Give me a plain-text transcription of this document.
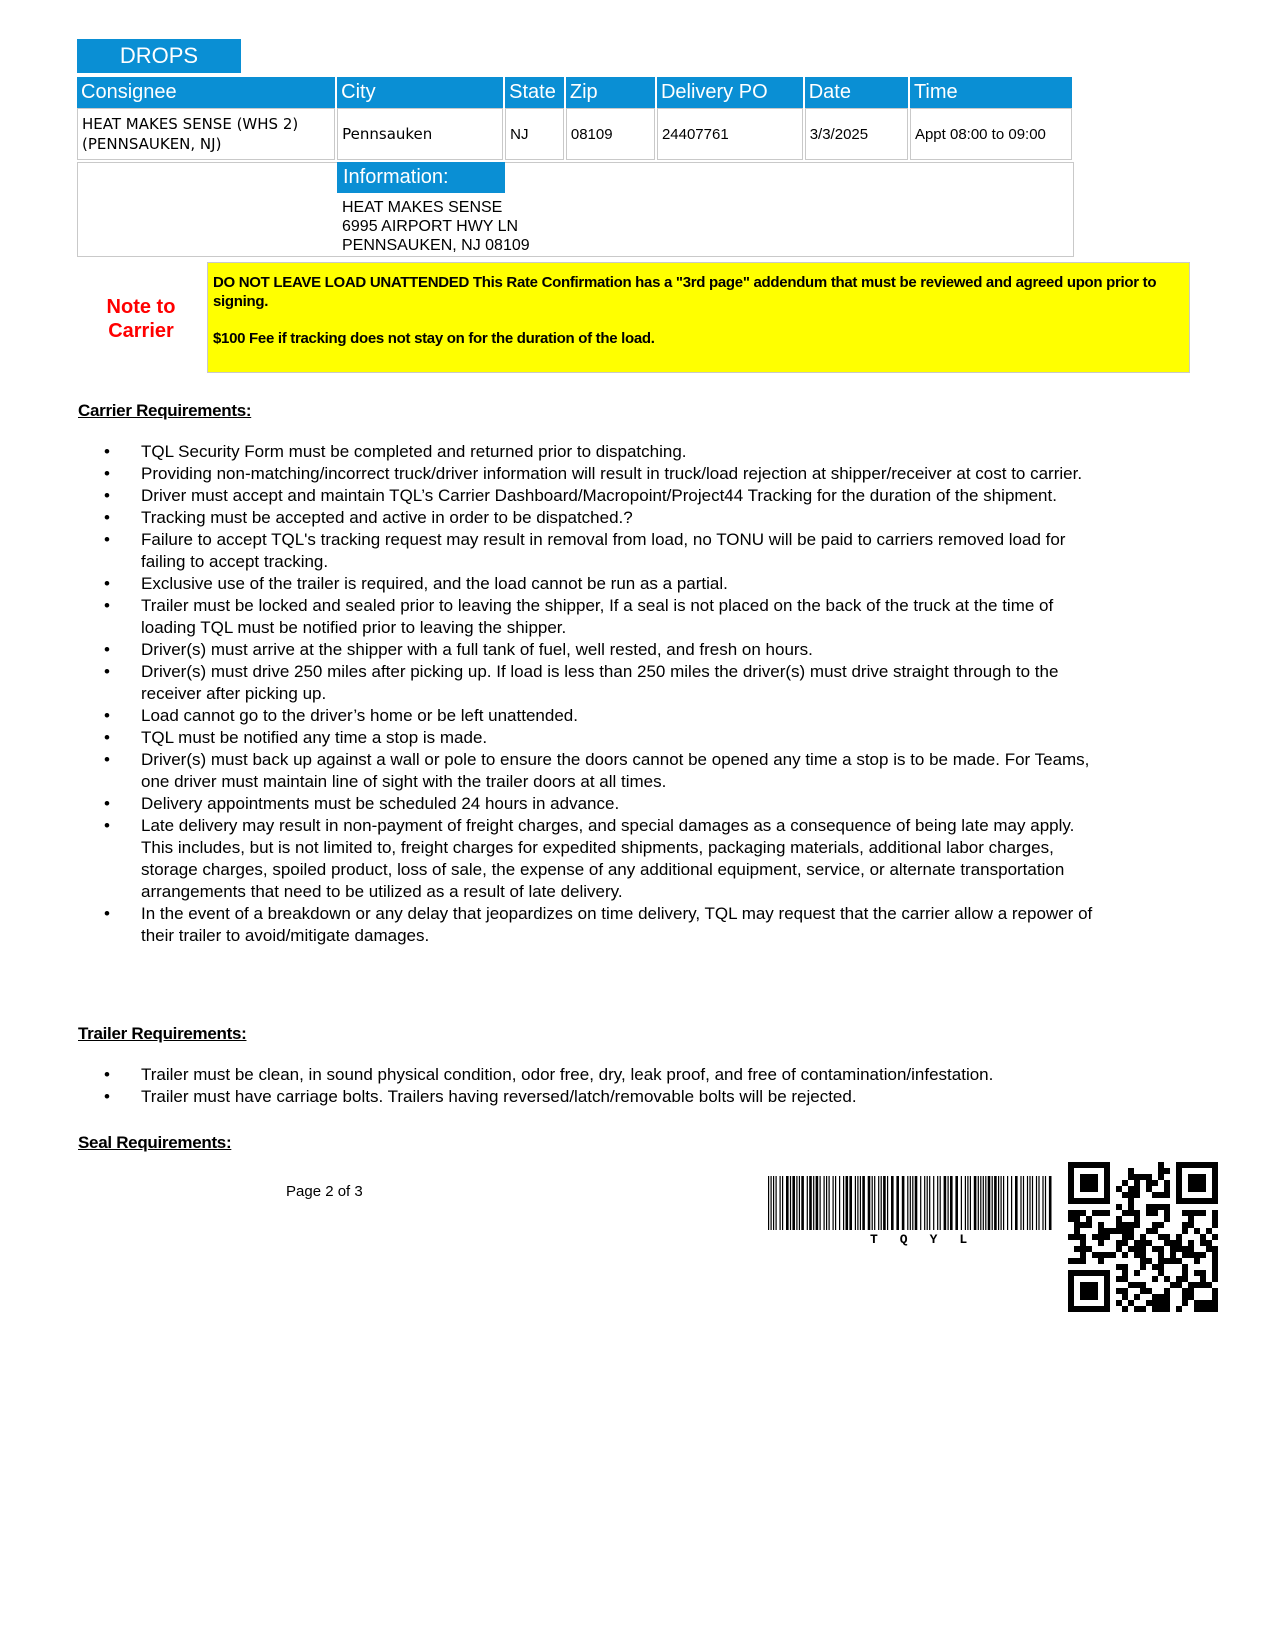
DROPS
Consignee	City	State	Zip	Delivery PO	Date	Time

HEAT MAKES SENSE (WHS 2)
(PENNSAUKEN, NJ)	Pennsauken	NJ	08109	24407761	3/3/2025	Appt 08:00 to 09:00
Information:
HEAT MAKES SENSE
6995 AIRPORT HWY LN
PENNSAUKEN, NJ 08109
Note to
Carrier

DO NOT LEAVE LOAD UNATTENDED This Rate Confirmation has a "3rd page" addendum that must be reviewed and agreed upon prior to signing.

$100 Fee if tracking does not stay on for the duration of the load.

Carrier Requirements:
• TQL Security Form must be completed and returned prior to dispatching.
• Providing non-matching/incorrect truck/driver information will result in truck/load rejection at shipper/receiver at cost to carrier.
• Driver must accept and maintain TQL’s Carrier Dashboard/Macropoint/Project44 Tracking for the duration of the shipment.
• Tracking must be accepted and active in order to be dispatched.?
• Failure to accept TQL's tracking request may result in removal from load, no TONU will be paid to carriers removed load for failing to accept tracking.
• Exclusive use of the trailer is required, and the load cannot be run as a partial.
• Trailer must be locked and sealed prior to leaving the shipper, If a seal is not placed on the back of the truck at the time of loading TQL must be notified prior to leaving the shipper.
• Driver(s) must arrive at the shipper with a full tank of fuel, well rested, and fresh on hours.
• Driver(s) must drive 250 miles after picking up. If load is less than 250 miles the driver(s) must drive straight through to the receiver after picking up.
• Load cannot go to the driver’s home or be left unattended.
• TQL must be notified any time a stop is made.
• Driver(s) must back up against a wall or pole to ensure the doors cannot be opened any time a stop is to be made. For Teams, one driver must maintain line of sight with the trailer doors at all times.
• Delivery appointments must be scheduled 24 hours in advance.
• Late delivery may result in non-payment of freight charges, and special damages as a consequence of being late may apply. This includes, but is not limited to, freight charges for expedited shipments, packaging materials, additional labor charges, storage charges, spoiled product, loss of sale, the expense of any additional equipment, service, or alternate transportation arrangements that need to be utilized as a result of late delivery.
• In the event of a breakdown or any delay that jeopardizes on time delivery, TQL may request that the carrier allow a repower of their trailer to avoid/mitigate damages.
Trailer Requirements:
• Trailer must be clean, in sound physical condition, odor free, dry, leak proof, and free of contamination/infestation.
• Trailer must have carriage bolts. Trailers having reversed/latch/removable bolts will be rejected.
Seal Requirements:
Page 2 of 3
TQYL
